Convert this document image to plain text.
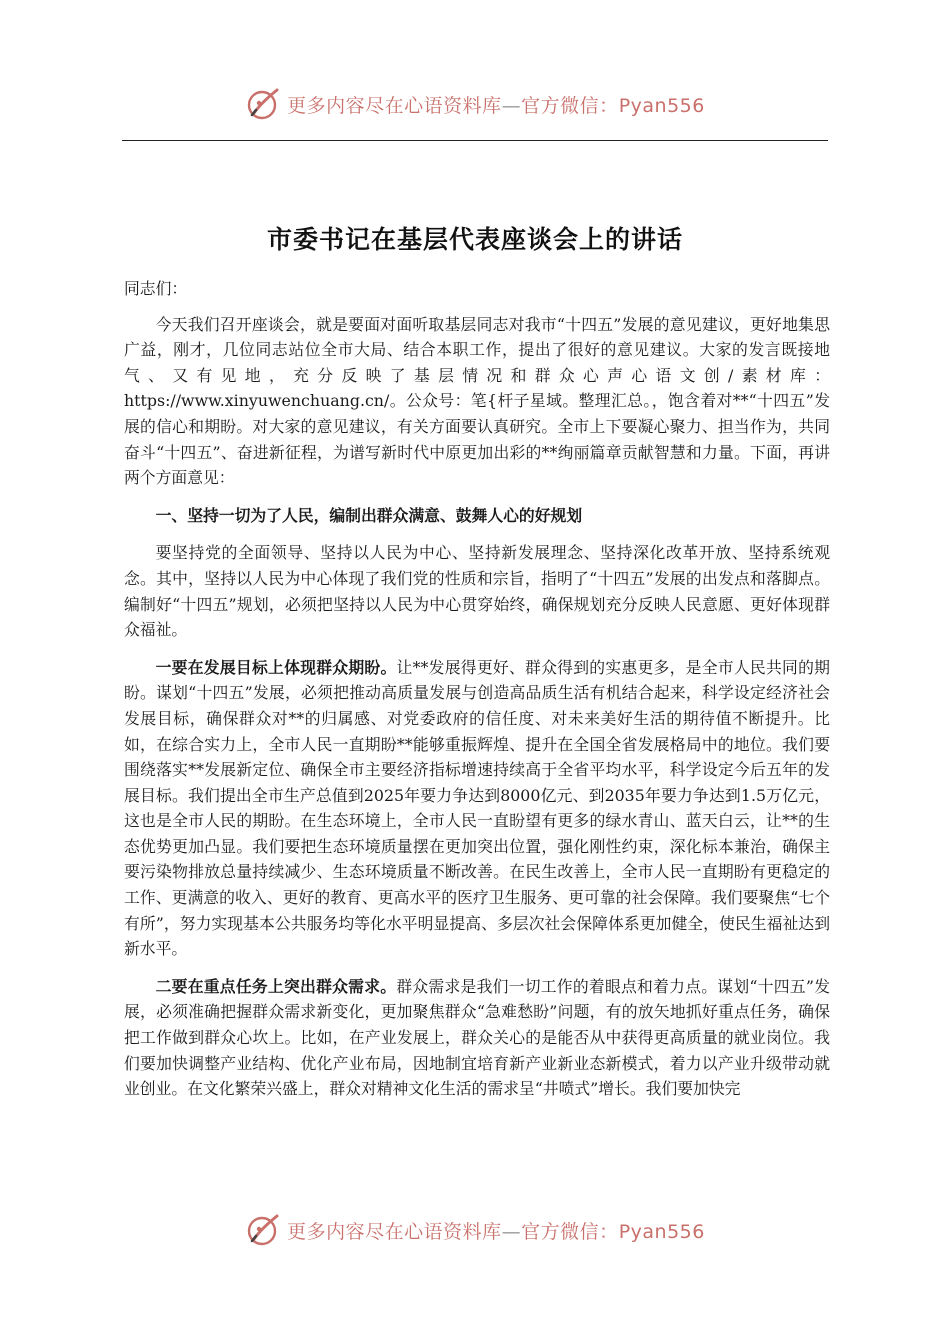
更多内容尽在心语资料库—官方微信：Pyan556
市委书记在基层代表座谈会上的讲话

同志们：

今天我们召开座谈会，就是要面对面听取基层同志对我市“十四五”发展的意见建议，更好地集思广益，刚才，几位同志站位全市大局、结合本职工作，提出了很好的意见建议。大家的发言既接地气、又有见地，充分反映了基层情况和群众心声心语文创/素材库：https://www.xinyuwenchuang.cn/。公众号：笔{杆子星域。整理汇总。，饱含着对**“十四五”发展的信心和期盼。对大家的意见建议，有关方面要认真研究。全市上下要凝心聚力、担当作为，共同奋斗“十四五”、奋进新征程，为谱写新时代中原更加出彩的**绚丽篇章贡献智慧和力量。下面，再讲两个方面意见：

一、坚持一切为了人民，编制出群众满意、鼓舞人心的好规划

要坚持党的全面领导、坚持以人民为中心、坚持新发展理念、坚持深化改革开放、坚持系统观念。其中，坚持以人民为中心体现了我们党的性质和宗旨，指明了“十四五”发展的出发点和落脚点。编制好“十四五”规划，必须把坚持以人民为中心贯穿始终，确保规划充分反映人民意愿、更好体现群众福祉。

一要在发展目标上体现群众期盼。让**发展得更好、群众得到的实惠更多，是全市人民共同的期盼。谋划“十四五”发展，必须把推动高质量发展与创造高品质生活有机结合起来，科学设定经济社会发展目标，确保群众对**的归属感、对党委政府的信任度、对未来美好生活的期待值不断提升。比如，在综合实力上，全市人民一直期盼**能够重振辉煌、提升在全国全省发展格局中的地位。我们要围绕落实**发展新定位、确保全市主要经济指标增速持续高于全省平均水平，科学设定今后五年的发展目标。我们提出全市生产总值到2025年要力争达到8000亿元、到2035年要力争达到1.5万亿元，这也是全市人民的期盼。在生态环境上，全市人民一直盼望有更多的绿水青山、蓝天白云，让**的生态优势更加凸显。我们要把生态环境质量摆在更加突出位置，强化刚性约束，深化标本兼治，确保主要污染物排放总量持续减少、生态环境质量不断改善。在民生改善上，全市人民一直期盼有更稳定的工作、更满意的收入、更好的教育、更高水平的医疗卫生服务、更可靠的社会保障。我们要聚焦“七个有所”，努力实现基本公共服务均等化水平明显提高、多层次社会保障体系更加健全，使民生福祉达到新水平。

二要在重点任务上突出群众需求。群众需求是我们一切工作的着眼点和着力点。谋划“十四五”发展，必须准确把握群众需求新变化，更加聚焦群众“急难愁盼”问题，有的放矢地抓好重点任务，确保把工作做到群众心坎上。比如，在产业发展上，群众关心的是能否从中获得更高质量的就业岗位。我们要加快调整产业结构、优化产业布局，因地制宜培育新产业新业态新模式，着力以产业升级带动就业创业。在文化繁荣兴盛上，群众对精神文化生活的需求呈“井喷式”增长。我们要加快完

更多内容尽在心语资料库—官方微信：Pyan556
